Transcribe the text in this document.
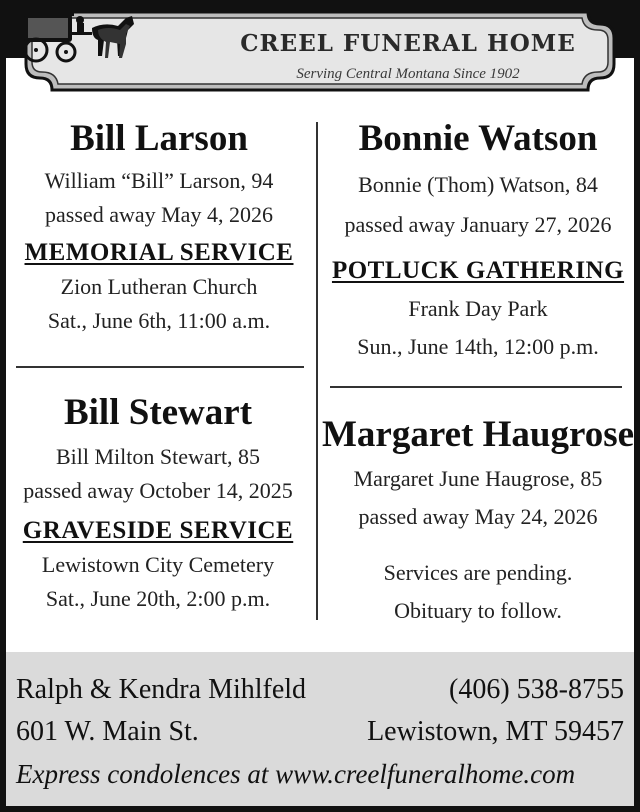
CREEL FUNERAL HOME
Serving Central Montana Since 1902
Bill Larson
William “Bill” Larson, 94
passed away May 4, 2026
MEMORIAL SERVICE
Zion Lutheran Church
Sat., June 6th, 11:00 a.m.
Bonnie Watson
Bonnie (Thom) Watson, 84
passed away January 27, 2026
POTLUCK GATHERING
Frank Day Park
Sun., June 14th, 12:00 p.m.
Bill Stewart
Bill Milton Stewart, 85
passed away October 14, 2025
GRAVESIDE SERVICE
Lewistown City Cemetery
Sat., June 20th, 2:00 p.m.
Margaret Haugrose
Margaret June Haugrose, 85
passed away May 24, 2026
Services are pending.
Obituary to follow.
Ralph & Kendra Mihlfeld	(406) 538-8755
601 W. Main St.	Lewistown, MT 59457
Express condolences at www.creelfuneralhome.com
